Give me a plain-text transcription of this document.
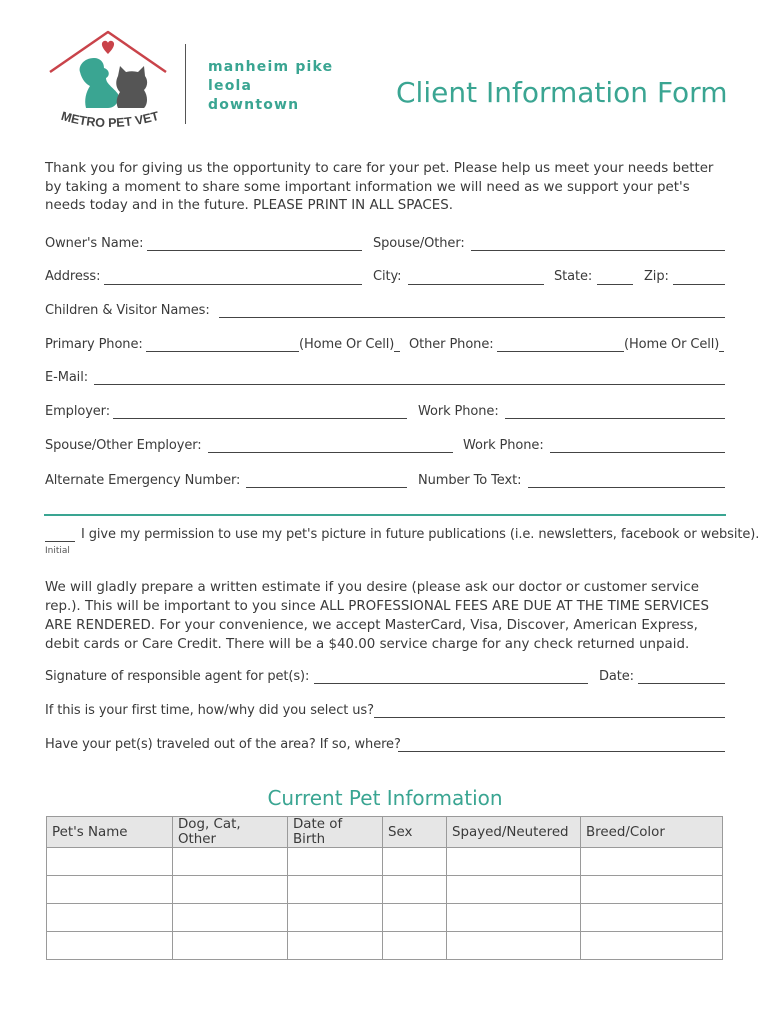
METRO PET VET
manheim pike
leola
downtown	Client Information Form
Thank you for giving us the opportunity to care for your pet. Please help us meet your needs better by taking a moment to share some important information we will need as we support your pet's needs today and in the future. PLEASE PRINT IN ALL SPACES.
Owner's Name:	Spouse/Other:
Address:	City:	State:	Zip:
Children & Visitor Names:
Primary Phone:	(Home Or Cell) Other Phone:	(Home Or Cell)
E-Mail:
Employer:	Work Phone:
Spouse/Other Employer:	Work Phone:
Alternate Emergency Number:	Number To Text:
I give my permission to use my pet's picture in future publications (i.e. newsletters, facebook or website).
Initial
We will gladly prepare a written estimate if you desire (please ask our doctor or customer service rep.). This will be important to you since ALL PROFESSIONAL FEES ARE DUE AT THE TIME SERVICES ARE RENDERED. For your convenience, we accept MasterCard, Visa, Discover, American Express, debit cards or Care Credit. There will be a $40.00 service charge for any check returned unpaid.
Signature of responsible agent for pet(s):	Date:
If this is your first time, how/why did you select us?
Have your pet(s) traveled out of the area? If so, where?
Current Pet Information
Pet's Name	Dog, Cat, Other	Date of Birth	Sex	Spayed/Neutered	Breed/Color
